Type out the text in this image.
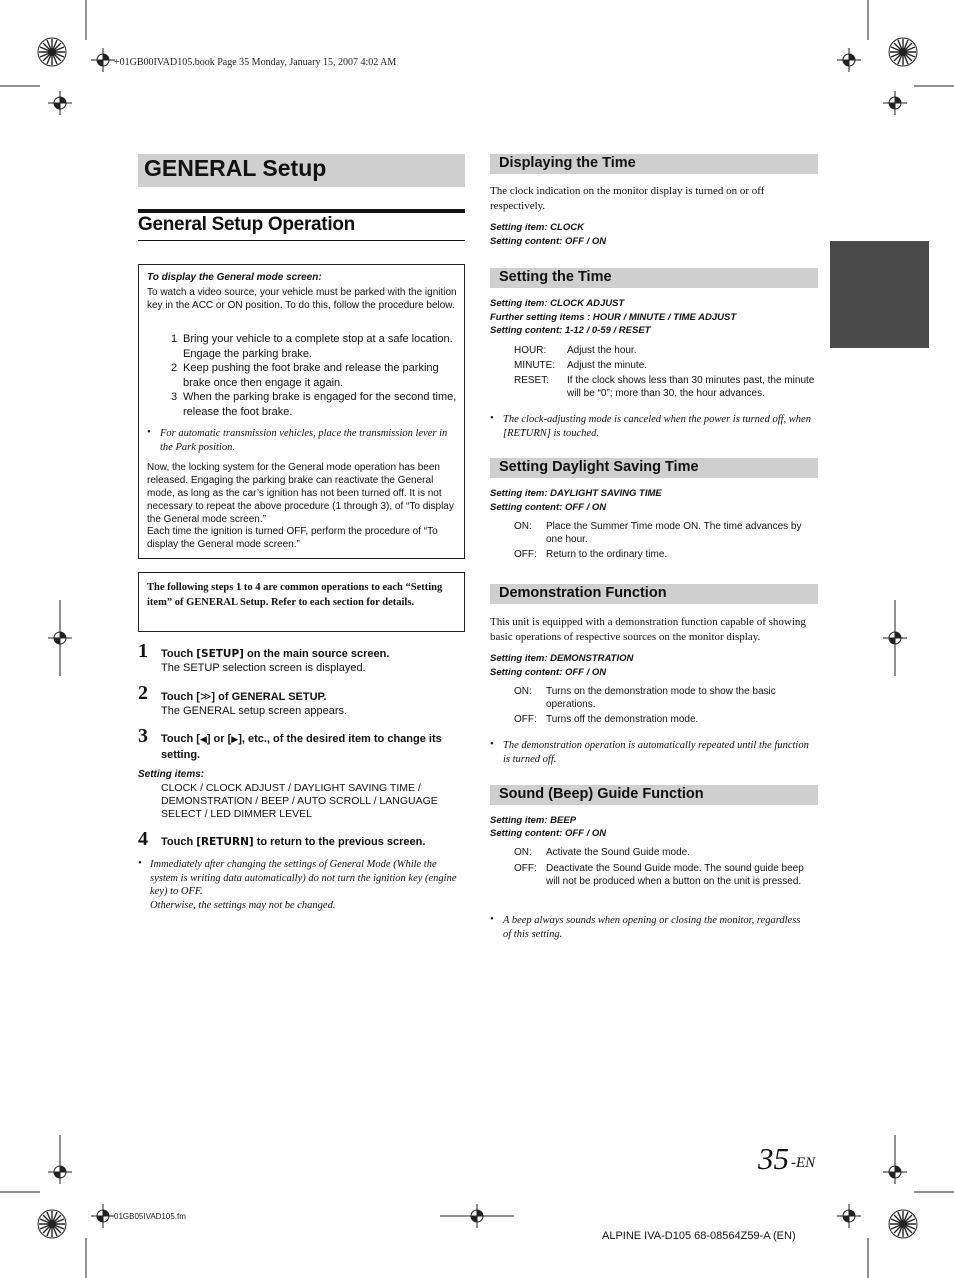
+01GB00IVAD105.book Page 35 Monday, January 15, 2007 4:02 AM
GENERAL Setup
General Setup Operation
To display the General mode screen:
To watch a video source, your vehicle must be parked with the ignition key in the ACC or ON position. To do this, follow the procedure below.
1 Bring your vehicle to a complete stop at a safe location. Engage the parking brake.
2 Keep pushing the foot brake and release the parking brake once then engage it again.
3 When the parking brake is engaged for the second time, release the foot brake.
• For automatic transmission vehicles, place the transmission lever in the Park position.
Now, the locking system for the General mode operation has been released. Engaging the parking brake can reactivate the General mode, as long as the car’s ignition has not been turned off. It is not necessary to repeat the above procedure (1 through 3), of “To display the General mode screen.”
Each time the ignition is turned OFF, perform the procedure of “To display the General mode screen.”
The following steps 1 to 4 are common operations to each “Setting item” of GENERAL Setup. Refer to each section for details.
1 Touch [SETUP] on the main source screen.
The SETUP selection screen is displayed.
2 Touch [≫] of GENERAL SETUP.
The GENERAL setup screen appears.
3 Touch [◀] or [▶], etc., of the desired item to change its setting.
Setting items:
CLOCK / CLOCK ADJUST / DAYLIGHT SAVING TIME / DEMONSTRATION / BEEP / AUTO SCROLL / LANGUAGE SELECT / LED DIMMER LEVEL
4 Touch [RETURN] to return to the previous screen.
• Immediately after changing the settings of General Mode (While the system is writing data automatically) do not turn the ignition key (engine key) to OFF.
Otherwise, the settings may not be changed.
Displaying the Time
The clock indication on the monitor display is turned on or off respectively.
Setting item: CLOCK
Setting content: OFF / ON
Setting the Time
Setting item: CLOCK ADJUST
Further setting items : HOUR / MINUTE / TIME ADJUST
Setting content: 1-12 / 0-59 / RESET
HOUR: Adjust the hour.
MINUTE: Adjust the minute.
RESET: If the clock shows less than 30 minutes past, the minute will be “0”; more than 30, the hour advances.
• The clock-adjusting mode is canceled when the power is turned off, when [RETURN] is touched.
Setting Daylight Saving Time
Setting item: DAYLIGHT SAVING TIME
Setting content: OFF / ON
ON: Place the Summer Time mode ON. The time advances by one hour.
OFF: Return to the ordinary time.
Demonstration Function
This unit is equipped with a demonstration function capable of showing basic operations of respective sources on the monitor display.
Setting item: DEMONSTRATION
Setting content: OFF / ON
ON: Turns on the demonstration mode to show the basic operations.
OFF: Turns off the demonstration mode.
• The demonstration operation is automatically repeated until the function is turned off.
Sound (Beep) Guide Function
Setting item: BEEP
Setting content: OFF / ON
ON: Activate the Sound Guide mode.
OFF: Deactivate the Sound Guide mode. The sound guide beep will not be produced when a button on the unit is pressed.
• A beep always sounds when opening or closing the monitor, regardless of this setting.
35 -EN
01GB05IVAD105.fm
ALPINE IVA-D105 68-08564Z59-A (EN)
